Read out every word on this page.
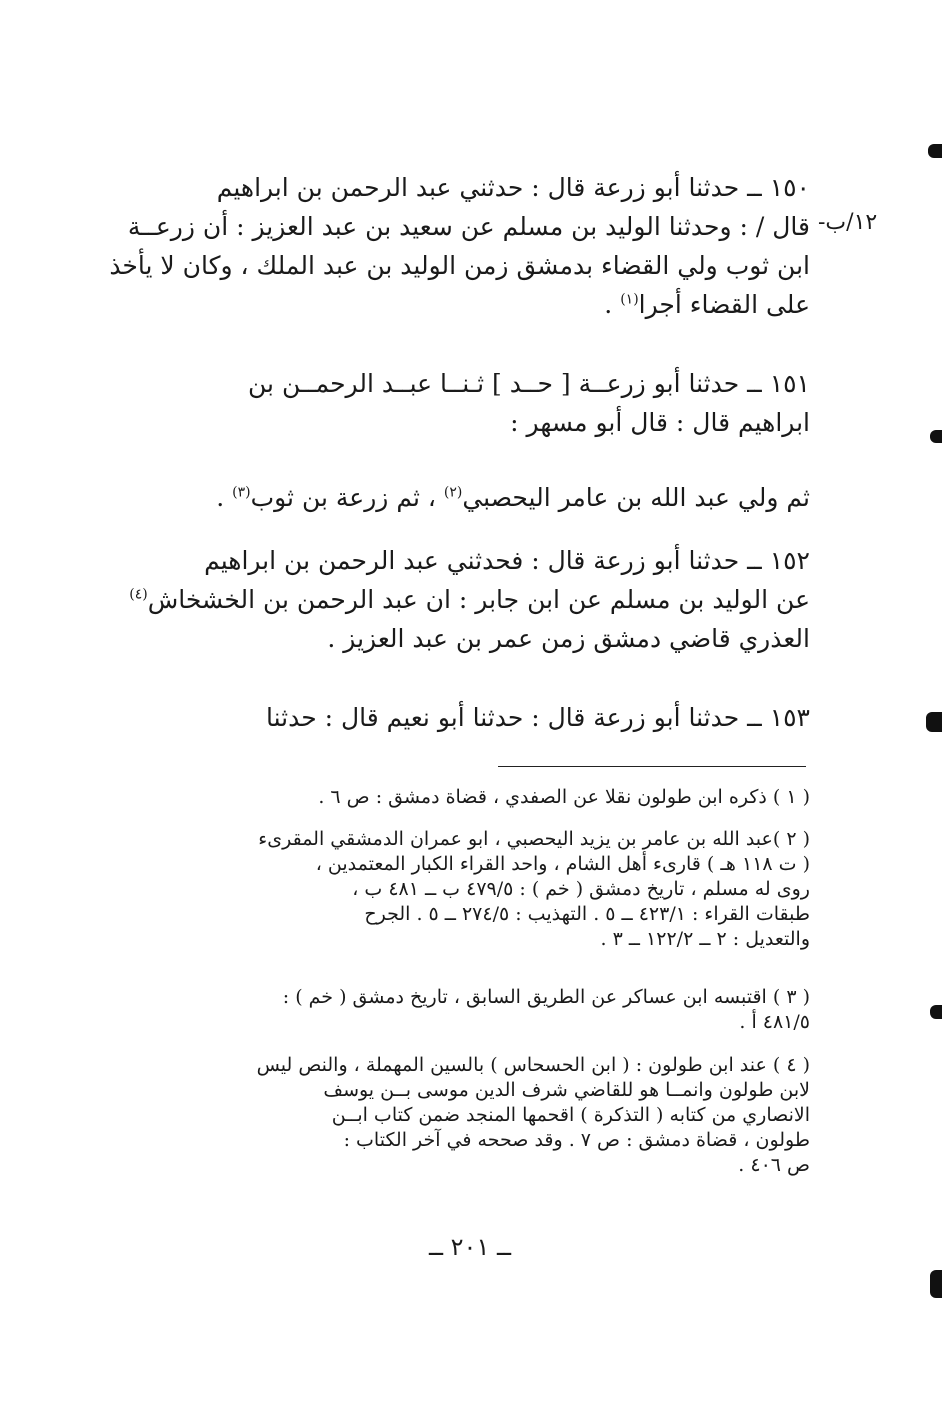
١٢/ب-

١٥٠ ــ حدثنا أبو زرعة قال : حدثني عبد الرحمن بن ابراهيم
قال / : وحدثنا الوليد بن مسلم عن سعيد بن عبد العزيز : أن زرعــة
ابن ثوب ولي القضاء بدمشق زمن الوليد بن عبد الملك ، وكان لا يأخذ
على القضاء أجرا$^{(١)}$ .

١٥١ ــ حدثنا أبو زرعــة [ حــد ] ثـنــا عبــد الرحمــن بن
ابراهيم قال : قال أبو مسهر :

ثم ولي عبد الله بن عامر اليحصبي$^{(٢)}$ ، ثم زرعة بن ثوب$^{(٣)}$ .

١٥٢ ــ حدثنا أبو زرعة قال : فحدثني عبد الرحمن بن ابراهيم
عن الوليد بن مسلم عن ابن جابر : ان عبد الرحمن بن الخشخاش$^{(٤)}$
العذري قاضي دمشق زمن عمر بن عبد العزيز .

١٥٣ ــ حدثنا أبو زرعة قال : حدثنا أبو نعيم قال : حدثنا

( ١ ) ذكره ابن طولون نقلا عن الصفدي ، قضاة دمشق : ص ٦ .
( ٢ )عبد الله بن عامر بن يزيد اليحصبي ، ابو عمران الدمشقي المقرىء
( ت ١١٨ هـ ) قارىء أهل الشام ، واحد القراء الكبار المعتمدين ،
روى له مسلم ، تاريخ دمشق ( خم ) : ٤٧٩/٥ ب ــ ٤٨١ ب ،
طبقات القراء : ٤٢٣/١ ــ ٥ . التهذيب : ٢٧٤/٥ ــ ٥ . الجرح
والتعديل : ٢ ــ ١٢٢/٢ ــ ٣ .
( ٣ ) اقتبسه ابن عساكر عن الطريق السابق ، تاريخ دمشق ( خم ) :
٤٨١/٥ أ .
( ٤ ) عند ابن طولون : ( ابن الحسحاس ) بالسين المهملة ، والنص ليس
لابن طولون وانمــا هو للقاضي شرف الدين موسى بــن يوسف
الانصاري من كتابه ( التذكرة ) اقحمها المنجد ضمن كتاب ابــن
طولون ، قضاة دمشق : ص ٧ . وقد صححه في آخر الكتاب :
ص ٤٠٦ .
ــ ٢٠١ ــ
